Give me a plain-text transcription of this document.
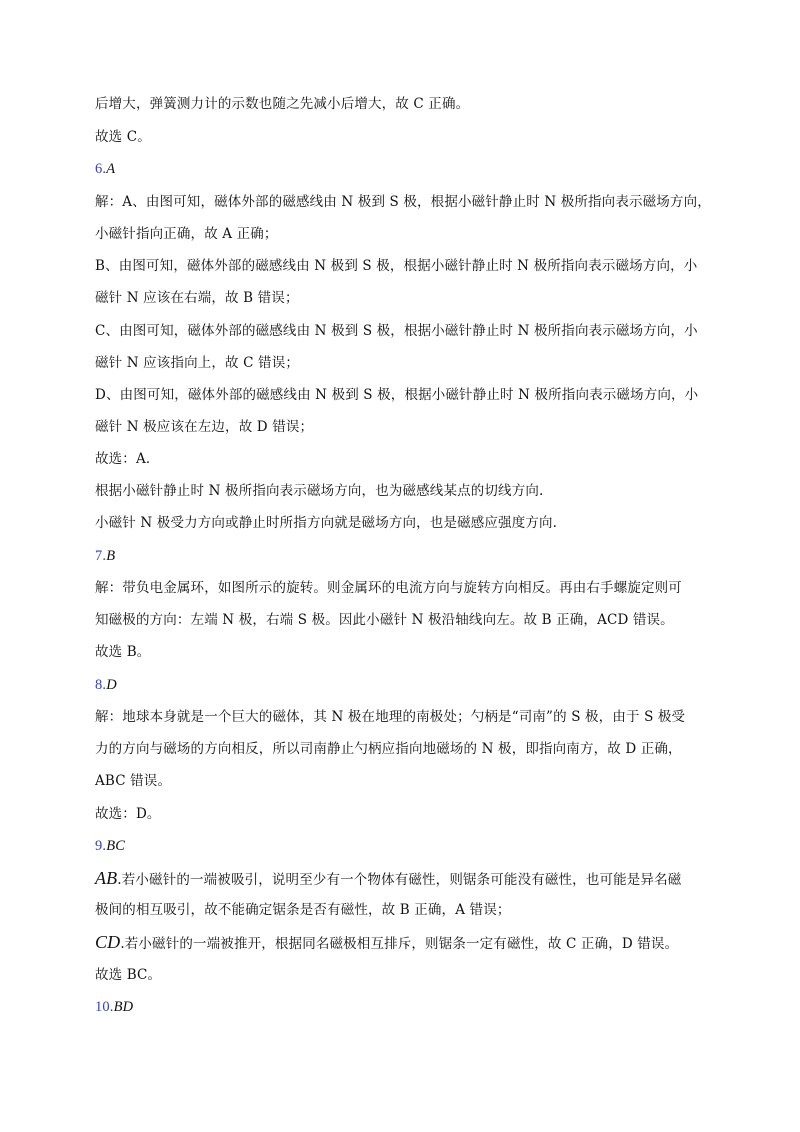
后增大，弹簧测力计的示数也随之先减小后增大，故 C 正确。
故选 C。
6.A
解：A、由图可知，磁体外部的磁感线由 N 极到 S 极，根据小磁针静止时 N 极所指向表示磁场方向，
小磁针指向正确，故 A 正确；
B、由图可知，磁体外部的磁感线由 N 极到 S 极，根据小磁针静止时 N 极所指向表示磁场方向，小
磁针 N 应该在右端，故 B 错误；
C、由图可知，磁体外部的磁感线由 N 极到 S 极，根据小磁针静止时 N 极所指向表示磁场方向，小
磁针 N 应该指向上，故 C 错误；
D、由图可知，磁体外部的磁感线由 N 极到 S 极，根据小磁针静止时 N 极所指向表示磁场方向，小
磁针 N 极应该在左边，故 D 错误；
故选：A．
根据小磁针静止时 N 极所指向表示磁场方向，也为磁感线某点的切线方向.
小磁针 N 极受力方向或静止时所指方向就是磁场方向，也是磁感应强度方向.
7.B
解：带负电金属环，如图所示的旋转。则金属环的电流方向与旋转方向相反。再由右手螺旋定则可
知磁极的方向：左端 N 极，右端 S 极。因此小磁针 N 极沿轴线向左。故 B 正确，ACD 错误。
故选 B。
8.D
解：地球本身就是一个巨大的磁体，其 N 极在地理的南极处；勺柄是“司南”的 S 极，由于 S 极受
力的方向与磁场的方向相反，所以司南静止勺柄应指向地磁场的 N 极，即指向南方，故 D 正确，
ABC 错误。
故选：D。
9.BC
AB.若小磁针的一端被吸引，说明至少有一个物体有磁性，则锯条可能没有磁性，也可能是异名磁
极间的相互吸引，故不能确定锯条是否有磁性，故 B 正确，A 错误；
CD.若小磁针的一端被推开，根据同名磁极相互排斥，则锯条一定有磁性，故 C 正确，D 错误。
故选 BC。
10.BD
